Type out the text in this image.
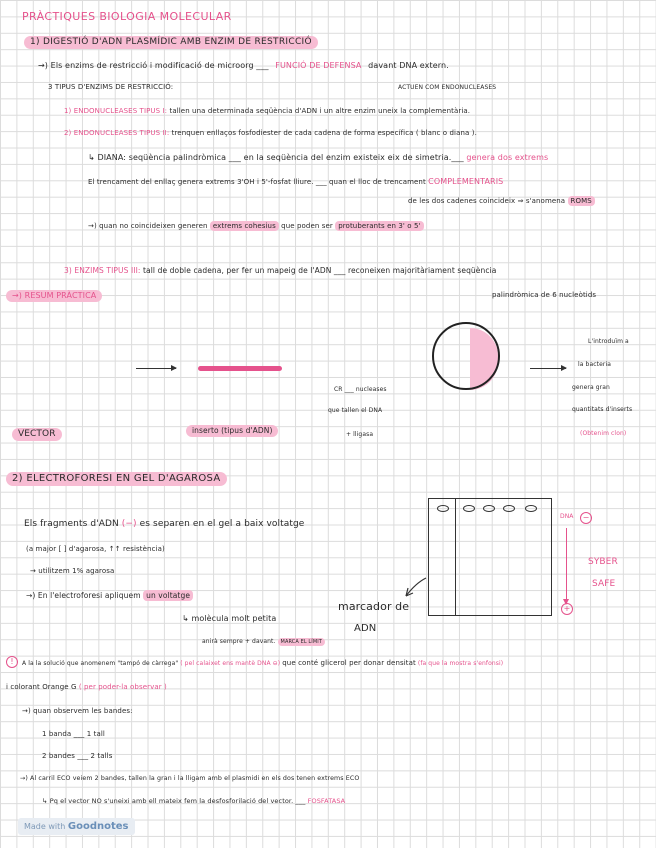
PRÀCTIQUES BIOLOGIA MOLECULAR
1) DIGESTIÓ D'ADN PLASMÍDIC AMB ENZIM DE RESTRICCIÓ
→) Els enzims de restricció i modificació de microorg ___ FUNCIÓ DE DEFENSA davant DNA extern.
3 TIPUS D'ENZIMS DE RESTRICCIÓ:	ACTUEN COM ENDONUCLEASES
1) ENDONUCLEASES TIPUS I: tallen una determinada seqüència d'ADN i un altre enzim uneix la complementària.
2) ENDONUCLEASES TIPUS II: trenquen enllaços fosfodiester de cada cadena de forma específica ( blanc o diana ).
↳ DIANA: seqüència palindròmica ___ en la seqüència del enzim existeix eix de simetria.___ genera dos extrems
El trencament del enllaç genera extrems 3'OH i 5'-fosfat lliure. ___ quan el lloc de trencament COMPLEMENTARIS
de les dos cadenes coincideix ⇒ s'anomena ROMS
→) quan no coincideixen generen extrems cohesius que poden ser protuberants en 3' o 5'
3) ENZIMS TIPUS III: tall de doble cadena, per fer un mapeig de l'ADN ___ reconeixen majoritàriament seqüència
palindròmica de 6 nucleòtids
→) RESUM PRÀCTICA
CR ___ nucleases
que tallen el DNA
+ lligasa
L'introduïm a
la bacteria
genera gran
quantitats d'inserts
(Obtenim clon)
VECTOR	inserto (tipus d'ADN)
2) ELECTROFORESI EN GEL D'AGAROSA
Els fragments d'ADN (−) es separen en el gel a baix voltatge
(a major [ ] d'agarosa, ↑↑ resistència)
→ utilitzem 1% agarosa
→) En l'electroforesi apliquem un voltatge
↳ molècula molt petita
anirà sempre + davant. MARCA EL LÍMIT
marcador de
ADN
DNA	−
+
SYBER
SAFE
!	A la la solució que anomenem "tampó de càrrega" ( pel calaixet ens mantè DNA ⊖) que conté glicerol per donar densitat (fa que la mostra s'enfonsi)
i colorant Orange G ( per poder-la observar )
→) quan observem les bandes:
1 banda ___ 1 tall
2 bandes ___ 2 talls
→) Al carril ECO veiem 2 bandes, tallen la gran i la lligam amb el plasmidi en els dos tenen extrems ECO
↳ Pq el vector NO s'uneixi amb ell mateix fem la desfosforilació del vector. ___ FOSFATASA
Made with Goodnotes
